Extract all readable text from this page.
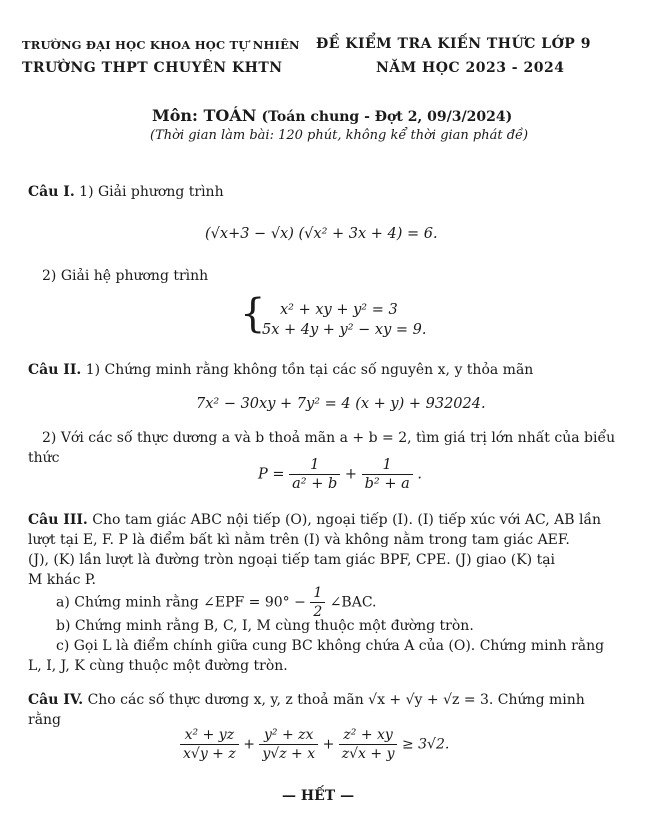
TRƯỜNG ĐẠI HỌC KHOA HỌC TỰ NHIÊN
TRƯỜNG THPT CHUYÊN KHTN
ĐỀ KIỂM TRA KIẾN THỨC LỚP 9
NĂM HỌC 2023 - 2024
Môn: TOÁN (Toán chung - Đợt 2, 09/3/2024)
(Thời gian làm bài: 120 phút, không kể thời gian phát đề)
Câu I. 1) Giải phương trình
(√x+3 − √x) (√x² + 3x + 4) = 6.
2) Giải hệ phương trình
{ x² + xy + y² = 3
5x + 4y + y² − xy = 9.
Câu II. 1) Chứng minh rằng không tồn tại các số nguyên x, y thỏa mãn
7x² − 30xy + 7y² = 4 (x + y) + 932024.
2) Với các số thực dương a và b thoả mãn a + b = 2, tìm giá trị lớn nhất của biểu
thức
$P = \frac{1}{\text{a² + b}} + \frac{1}{\text{b² + a}}$ .
Câu III. Cho tam giác ABC nội tiếp (O), ngoại tiếp (I). (I) tiếp xúc với AC, AB lần
lượt tại E, F. P là điểm bất kì nằm trên (I) và không nằm trong tam giác AEF.
(J), (K) lần lượt là đường tròn ngoại tiếp tam giác BPF, CPE. (J) giao (K) tại
M khác P.
a) Chứng minh rằng ∠EPF = $90^\circ - \frac{1}{2}$ ∠BAC.
b) Chứng minh rằng B, C, I, M cùng thuộc một đường tròn.
c) Gọi L là điểm chính giữa cung BC không chứa A của (O). Chứng minh rằng
L, I, J, K cùng thuộc một đường tròn.
Câu IV. Cho các số thực dương x, y, z thoả mãn √x + √y + √z = 3. Chứng minh
rằng
$\frac{\text{x² + yz}}{x√y + z} + \frac{\text{y² + zx}}{y√z + x} + \frac{\text{z² + xy}}{z√x + y} \ge 3√2$.
— HẾT —
